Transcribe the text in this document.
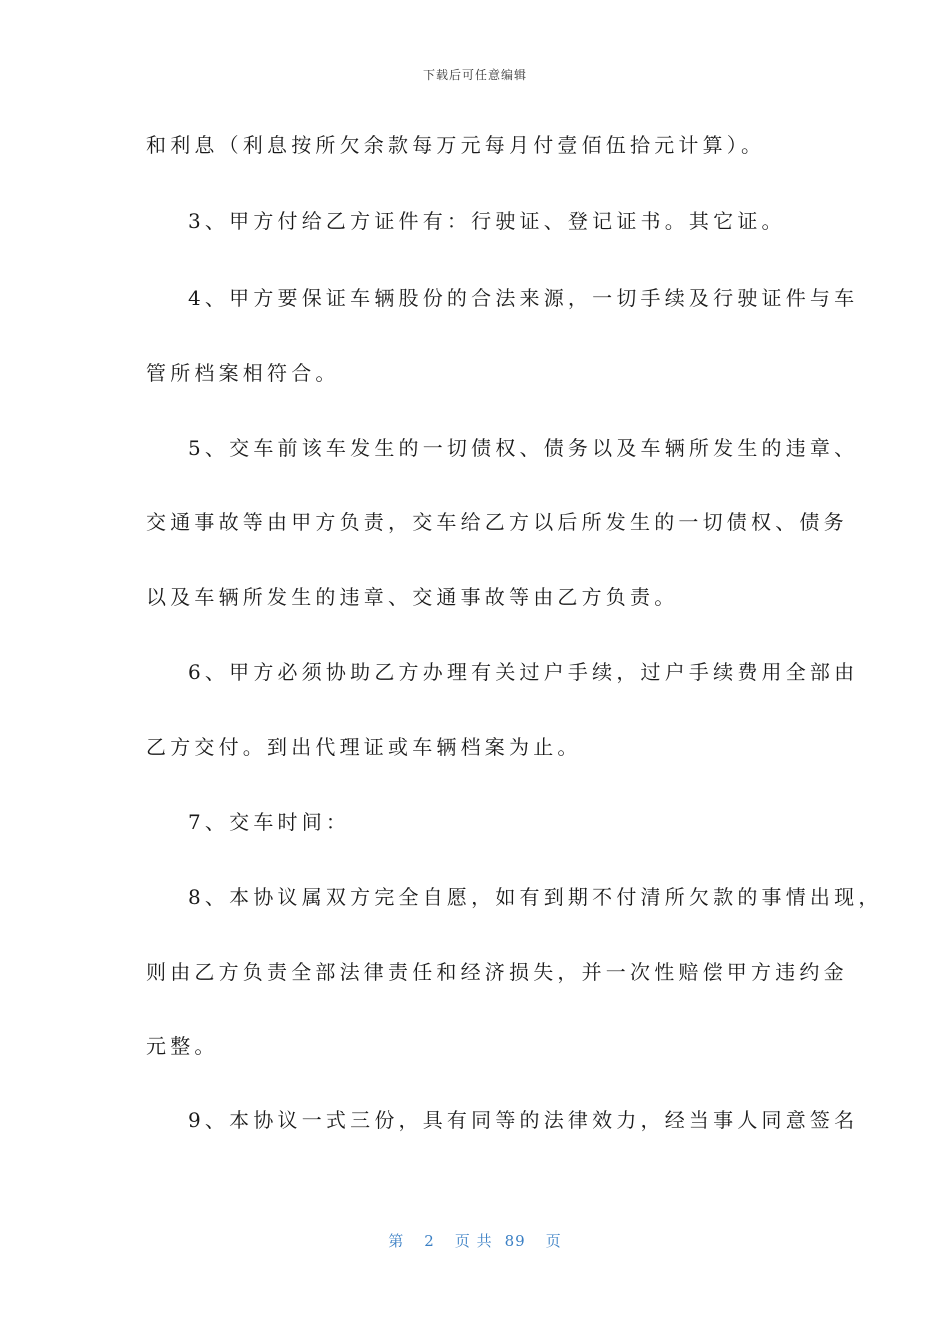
下载后可任意编辑
和利息（利息按所欠余款每万元每月付壹佰伍拾元计算）。
3、甲方付给乙方证件有：行驶证、登记证书。其它证。
4、甲方要保证车辆股份的合法来源，一切手续及行驶证件与车
管所档案相符合。
5、交车前该车发生的一切债权、债务以及车辆所发生的违章、
交通事故等由甲方负责，交车给乙方以后所发生的一切债权、债务
以及车辆所发生的违章、交通事故等由乙方负责。
6、甲方必须协助乙方办理有关过户手续，过户手续费用全部由
乙方交付。到出代理证或车辆档案为止。
7、交车时间：
8、本协议属双方完全自愿，如有到期不付清所欠款的事情出现，
则由乙方负责全部法律责任和经济损失，并一次性赔偿甲方违约金
元整。
9、本协议一式三份，具有同等的法律效力，经当事人同意签名
第 2 页 共 89 页
